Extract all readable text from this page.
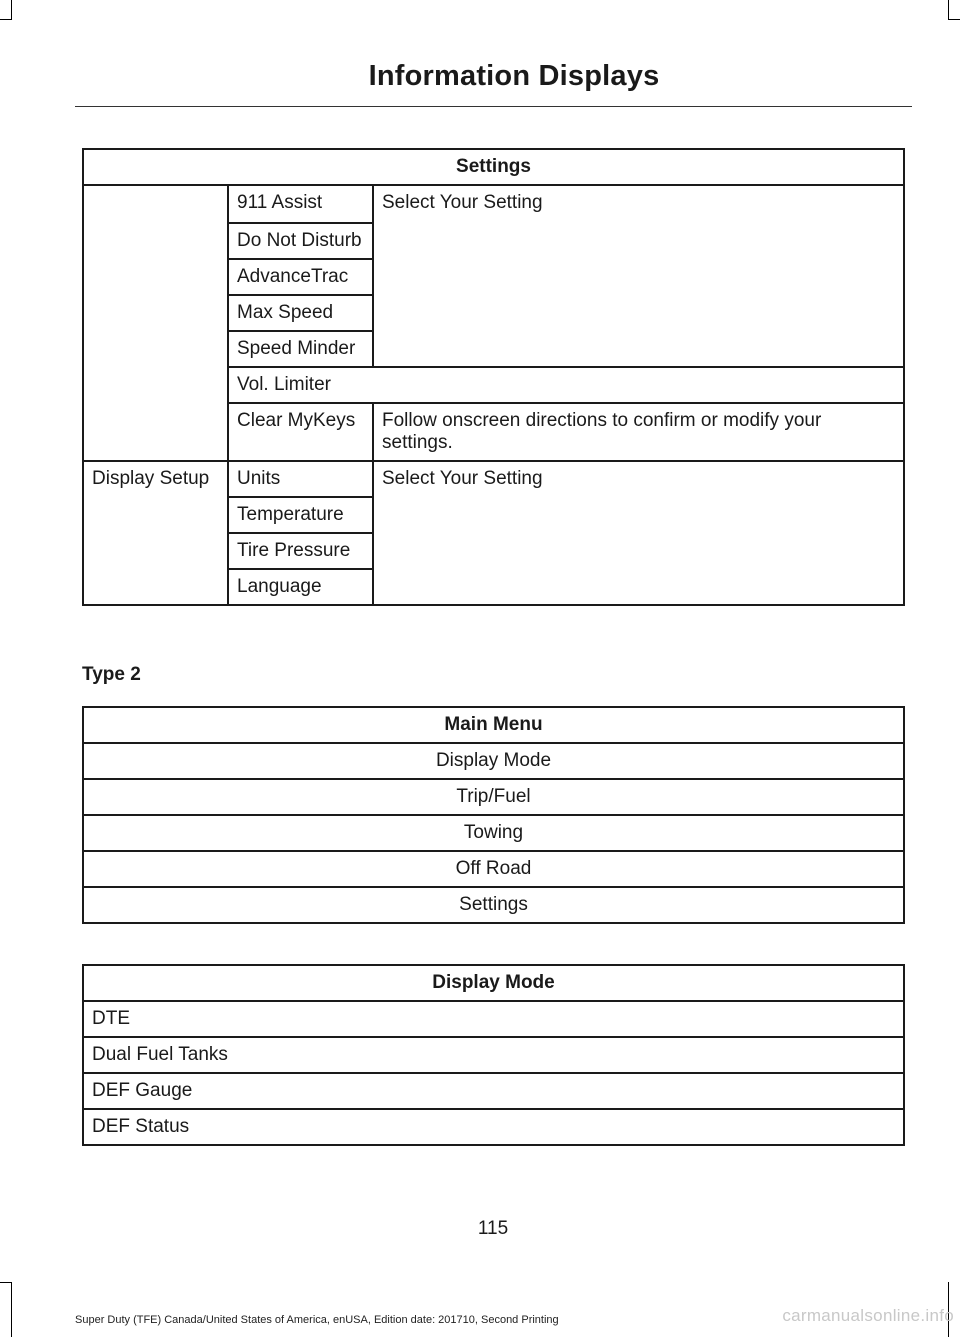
Information Displays
Settings		
	911 Assist	Select Your Setting
	Do Not Disturb	
	AdvanceTrac	
	Max Speed	
	Speed Minder	
	Vol. Limiter	
	Clear MyKeys	Follow onscreen directions to confirm or modify your settings.
Display Setup	Units	Select Your Setting
	Temperature	
	Tire Pressure	
	Language	
Type 2
Main Menu
Display Mode
Trip/Fuel
Towing
Off Road
Settings
Display Mode
DTE
Dual Fuel Tanks
DEF Gauge
DEF Status
115
Super Duty (TFE) Canada/United States of America, enUSA, Edition date: 201710, Second Printing	carmanualsonline.info
